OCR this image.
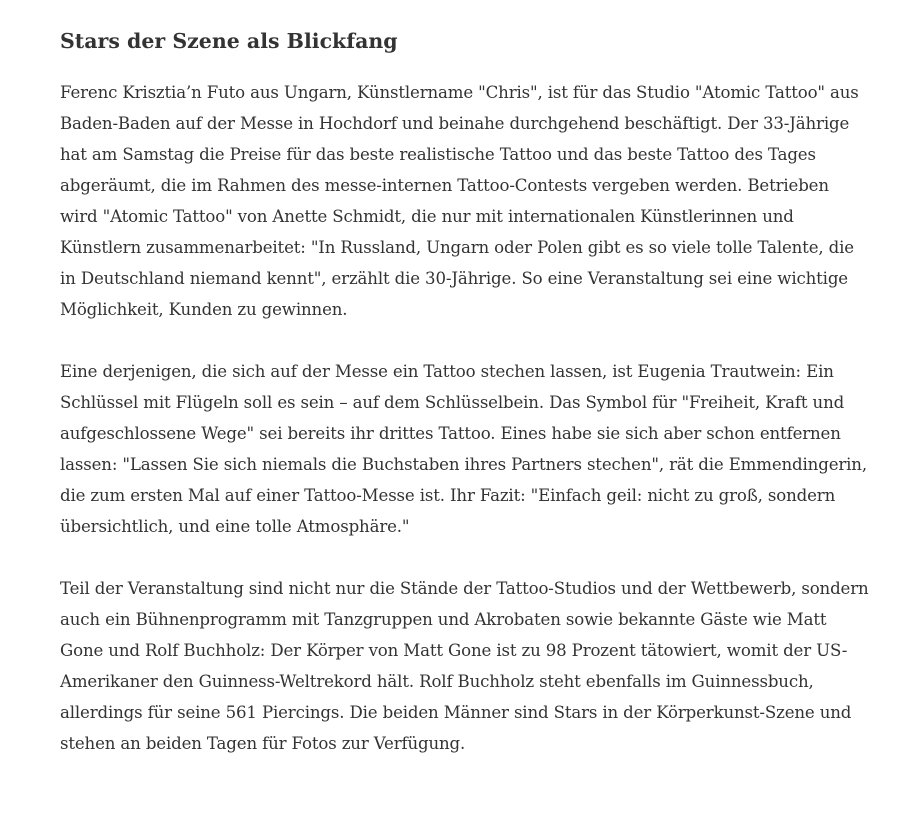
Stars der Szene als Blickfang

Ferenc Krisztia’n Futo aus Ungarn, Künstlername "Chris", ist für das Studio "Atomic Tattoo" aus Baden-Baden auf der Messe in Hochdorf und beinahe durchgehend beschäftigt. Der 33-Jährige hat am Samstag die Preise für das beste realistische Tattoo und das beste Tattoo des Tages abgeräumt, die im Rahmen des messe-internen Tattoo-Contests vergeben werden. Betrieben wird "Atomic Tattoo" von Anette Schmidt, die nur mit internationalen Künstlerinnen und Künstlern zusammenarbeitet: "In Russland, Ungarn oder Polen gibt es so viele tolle Talente, die in Deutschland niemand kennt", erzählt die 30-Jährige. So eine Veranstaltung sei eine wichtige Möglichkeit, Kunden zu gewinnen.

Eine derjenigen, die sich auf der Messe ein Tattoo stechen lassen, ist Eugenia Trautwein: Ein Schlüssel mit Flügeln soll es sein – auf dem Schlüsselbein. Das Symbol für "Freiheit, Kraft und aufgeschlossene Wege" sei bereits ihr drittes Tattoo. Eines habe sie sich aber schon entfernen lassen: "Lassen Sie sich niemals die Buchstaben ihres Partners stechen", rät die Emmendingerin, die zum ersten Mal auf einer Tattoo-Messe ist. Ihr Fazit: "Einfach geil: nicht zu groß, sondern übersichtlich, und eine tolle Atmosphäre."

Teil der Veranstaltung sind nicht nur die Stände der Tattoo-Studios und der Wettbewerb, sondern auch ein Bühnenprogramm mit Tanzgruppen und Akrobaten sowie bekannte Gäste wie Matt Gone und Rolf Buchholz: Der Körper von Matt Gone ist zu 98 Prozent tätowiert, womit der US-Amerikaner den Guinness-Weltrekord hält. Rolf Buchholz steht ebenfalls im Guinnessbuch, allerdings für seine 561 Piercings. Die beiden Männer sind Stars in der Körperkunst-Szene und stehen an beiden Tagen für Fotos zur Verfügung.
